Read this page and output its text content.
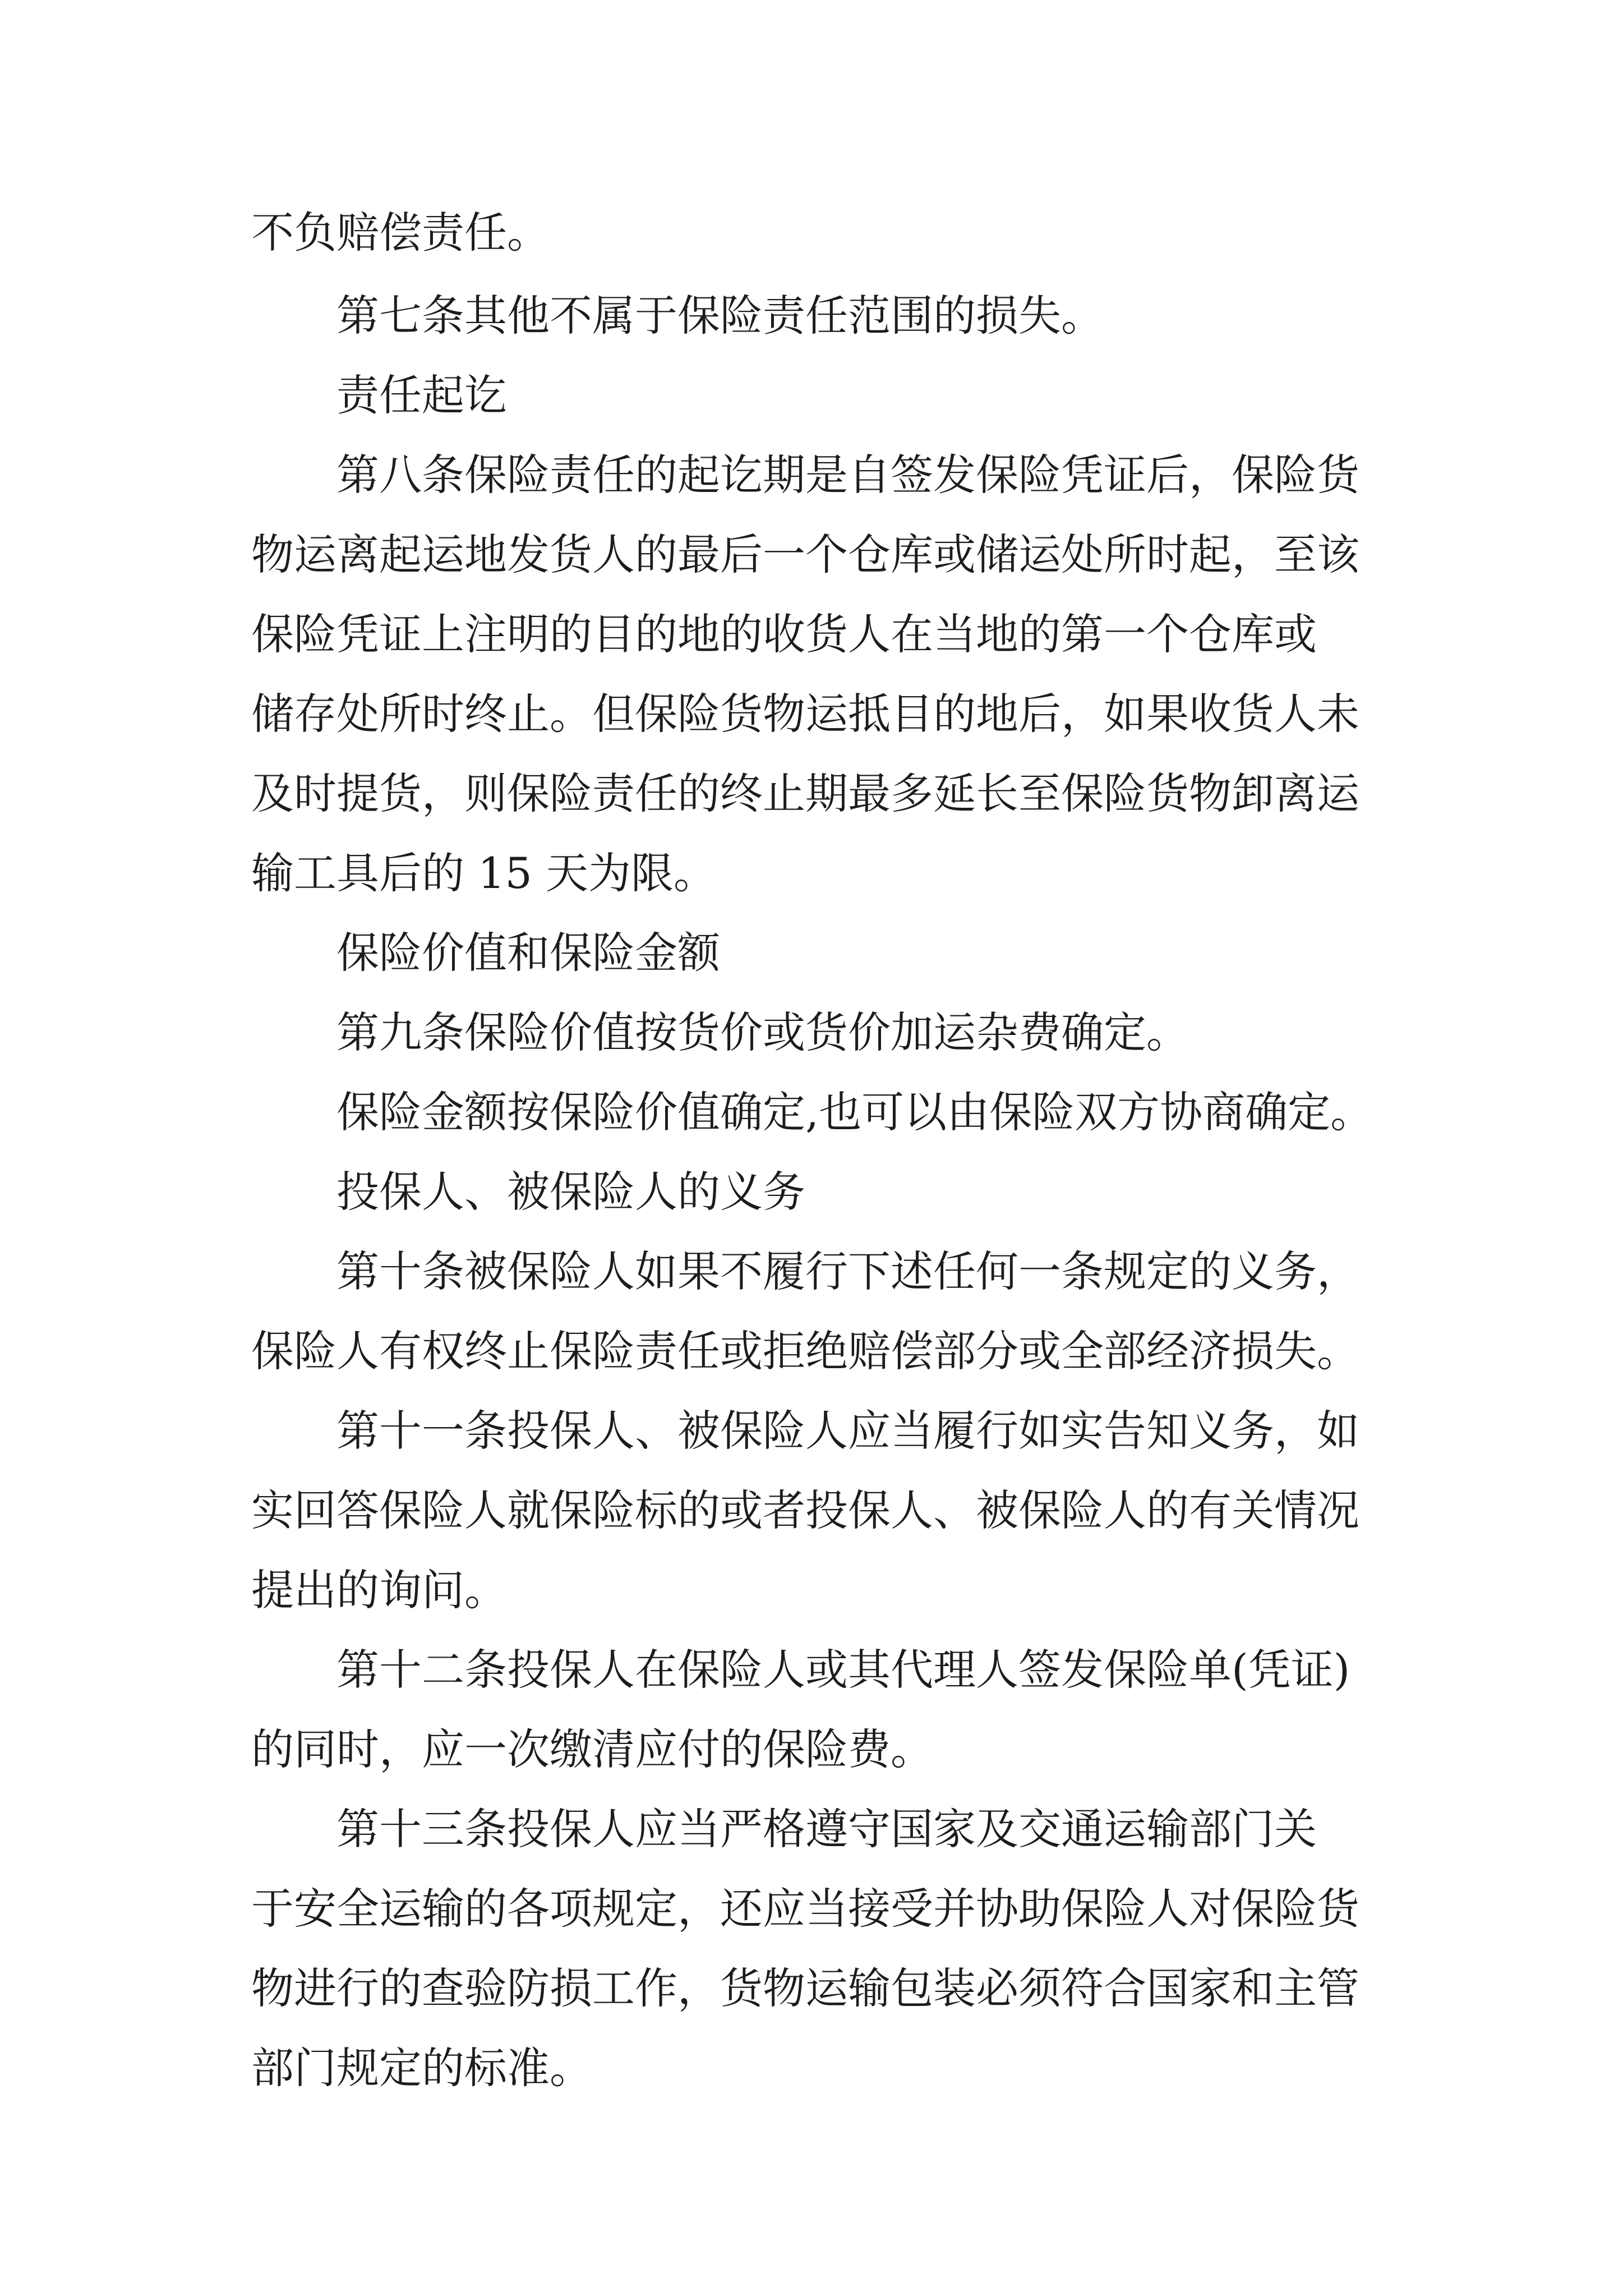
不负赔偿责任。
第七条其他不属于保险责任范围的损失。
责任起讫
第八条保险责任的起讫期是自签发保险凭证后，保险货
物运离起运地发货人的最后一个仓库或储运处所时起，至该
保险凭证上注明的目的地的收货人在当地的第一个仓库或
储存处所时终止。但保险货物运抵目的地后，如果收货人未
及时提货，则保险责任的终止期最多延长至保险货物卸离运
输工具后的 15 天为限。
保险价值和保险金额
第九条保险价值按货价或货价加运杂费确定。
保险金额按保险价值确定,也可以由保险双方协商确定。
投保人、被保险人的义务
第十条被保险人如果不履行下述任何一条规定的义务，
保险人有权终止保险责任或拒绝赔偿部分或全部经济损失。
第十一条投保人、被保险人应当履行如实告知义务，如
实回答保险人就保险标的或者投保人、被保险人的有关情况
提出的询问。
第十二条投保人在保险人或其代理人签发保险单(凭证)
的同时，应一次缴清应付的保险费。
第十三条投保人应当严格遵守国家及交通运输部门关
于安全运输的各项规定，还应当接受并协助保险人对保险货
物进行的查验防损工作，货物运输包装必须符合国家和主管
部门规定的标准。
